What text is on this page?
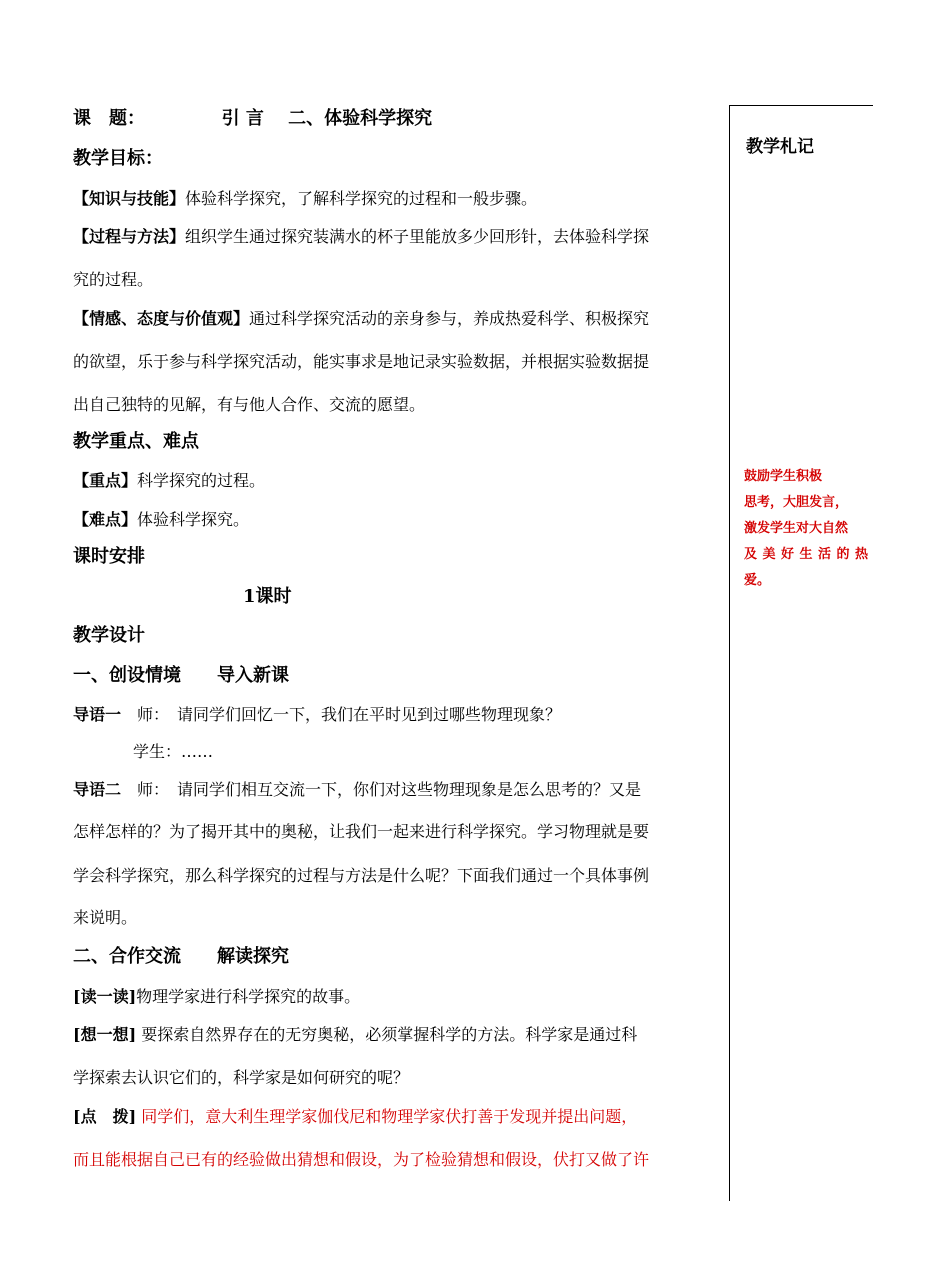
课　题：	引 言　 二、体验科学探究
教学目标：
【知识与技能】体验科学探究，了解科学探究的过程和一般步骤。
【过程与方法】组织学生通过探究装满水的杯子里能放多少回形针，去体验科学探
究的过程。
【情感、态度与价值观】通过科学探究活动的亲身参与，养成热爱科学、积极探究
的欲望，乐于参与科学探究活动，能实事求是地记录实验数据，并根据实验数据提
出自己独特的见解，有与他人合作、交流的愿望。
教学重点、难点
【重点】科学探究的过程。
【难点】体验科学探究。
课时安排
1课时
教学设计
一、创设情境　　导入新课
导语一　师：　请同学们回忆一下，我们在平时见到过哪些物理现象？
学生：……
导语二　师：　请同学们相互交流一下，你们对这些物理现象是怎么思考的？又是
怎样怎样的？为了揭开其中的奥秘，让我们一起来进行科学探究。学习物理就是要
学会科学探究，那么科学探究的过程与方法是什么呢？下面我们通过一个具体事例
来说明。
二、合作交流　　解读探究
[读一读]物理学家进行科学探究的故事。
[想一想] 要探索自然界存在的无穷奥秘，必须掌握科学的方法。科学家是通过科
学探索去认识它们的，科学家是如何研究的呢？
[点　拨] 同学们，意大利生理学家伽伐尼和物理学家伏打善于发现并提出问题，
而且能根据自己已有的经验做出猜想和假设，为了检验猜想和假设，伏打又做了许
教学札记
鼓励学生积极
思考，大胆发言，
激发学生对大自然
及美好生活的热
爱。
